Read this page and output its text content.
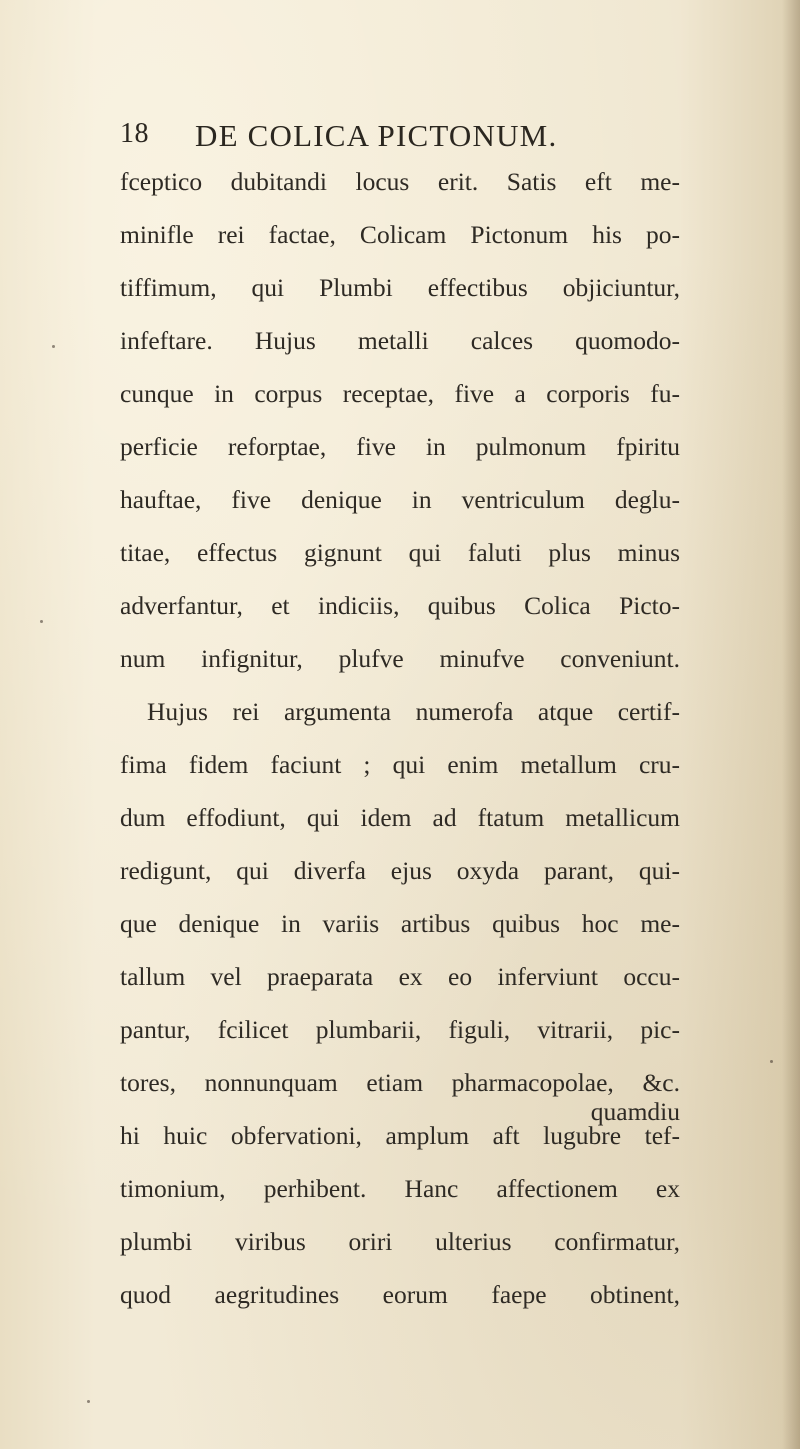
18 DE COLICA PICTONUM.
fceptico dubitandi locus erit. Satis eft me-
minifle rei factae, Colicam Pictonum his po-
tiffimum, qui Plumbi effectibus objiciuntur,
infeftare. Hujus metalli calces quomodo-
cunque in corpus receptae, five a corporis fu-
perficie reforptae, five in pulmonum fpiritu
hauftae, five denique in ventriculum deglu-
titae, effectus gignunt qui faluti plus minus
adverfantur, et indiciis, quibus Colica Picto-
num infignitur, plufve minufve conveniunt.
Hujus rei argumenta numerofa atque certif-
fima fidem faciunt ; qui enim metallum cru-
dum effodiunt, qui idem ad ftatum metallicum
redigunt, qui diverfa ejus oxyda parant, qui-
que denique in variis artibus quibus hoc me-
tallum vel praeparata ex eo inferviunt occu-
pantur, fcilicet plumbarii, figuli, vitrarii, pic-
tores, nonnunquam etiam pharmacopolae, &c.
hi huic obfervationi, amplum aft lugubre tef-
timonium, perhibent. Hanc affectionem ex
plumbi viribus oriri ulterius confirmatur,
quod aegritudines eorum faepe obtinent,
quamdiu
